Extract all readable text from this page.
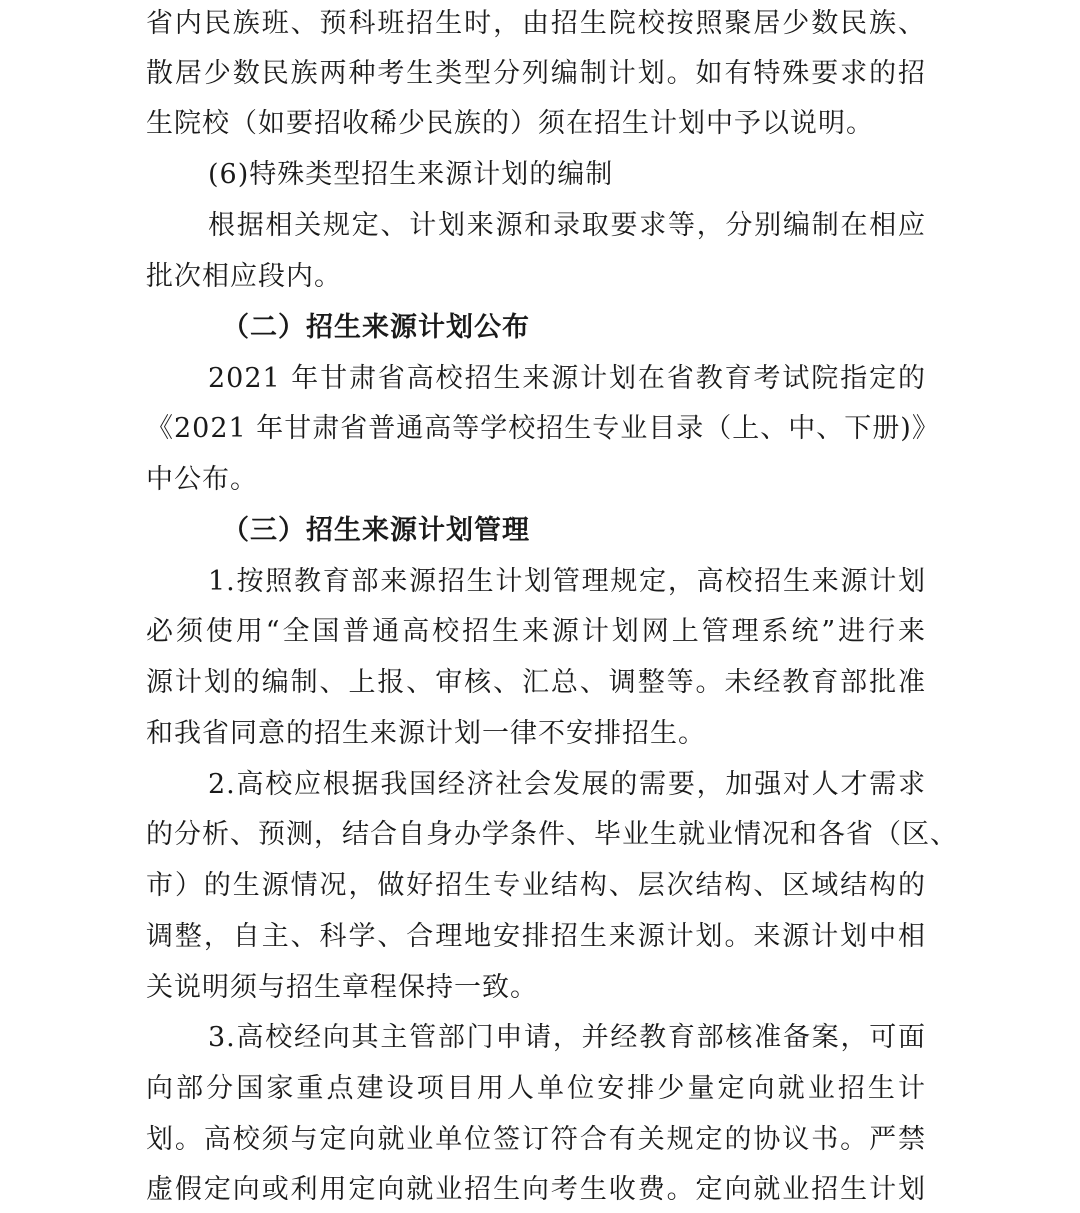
省内民族班、预科班招生时，由招生院校按照聚居少数民族、
散居少数民族两种考生类型分列编制计划。如有特殊要求的招
生院校（如要招收稀少民族的）须在招生计划中予以说明。
(6)特殊类型招生来源计划的编制
根据相关规定、计划来源和录取要求等，分别编制在相应
批次相应段内。
（二）招生来源计划公布
2021 年甘肃省高校招生来源计划在省教育考试院指定的
《2021 年甘肃省普通高等学校招生专业目录（上、中、下册)》
中公布。
（三）招生来源计划管理
1.按照教育部来源招生计划管理规定，高校招生来源计划
必须使用“全国普通高校招生来源计划网上管理系统”进行来
源计划的编制、上报、审核、汇总、调整等。未经教育部批准
和我省同意的招生来源计划一律不安排招生。
2.高校应根据我国经济社会发展的需要，加强对人才需求
的分析、预测，结合自身办学条件、毕业生就业情况和各省（区、
市）的生源情况，做好招生专业结构、层次结构、区域结构的
调整，自主、科学、合理地安排招生来源计划。来源计划中相
关说明须与招生章程保持一致。
3.高校经向其主管部门申请，并经教育部核准备案，可面
向部分国家重点建设项目用人单位安排少量定向就业招生计
划。高校须与定向就业单位签订符合有关规定的协议书。严禁
虚假定向或利用定向就业招生向考生收费。定向就业招生计划
